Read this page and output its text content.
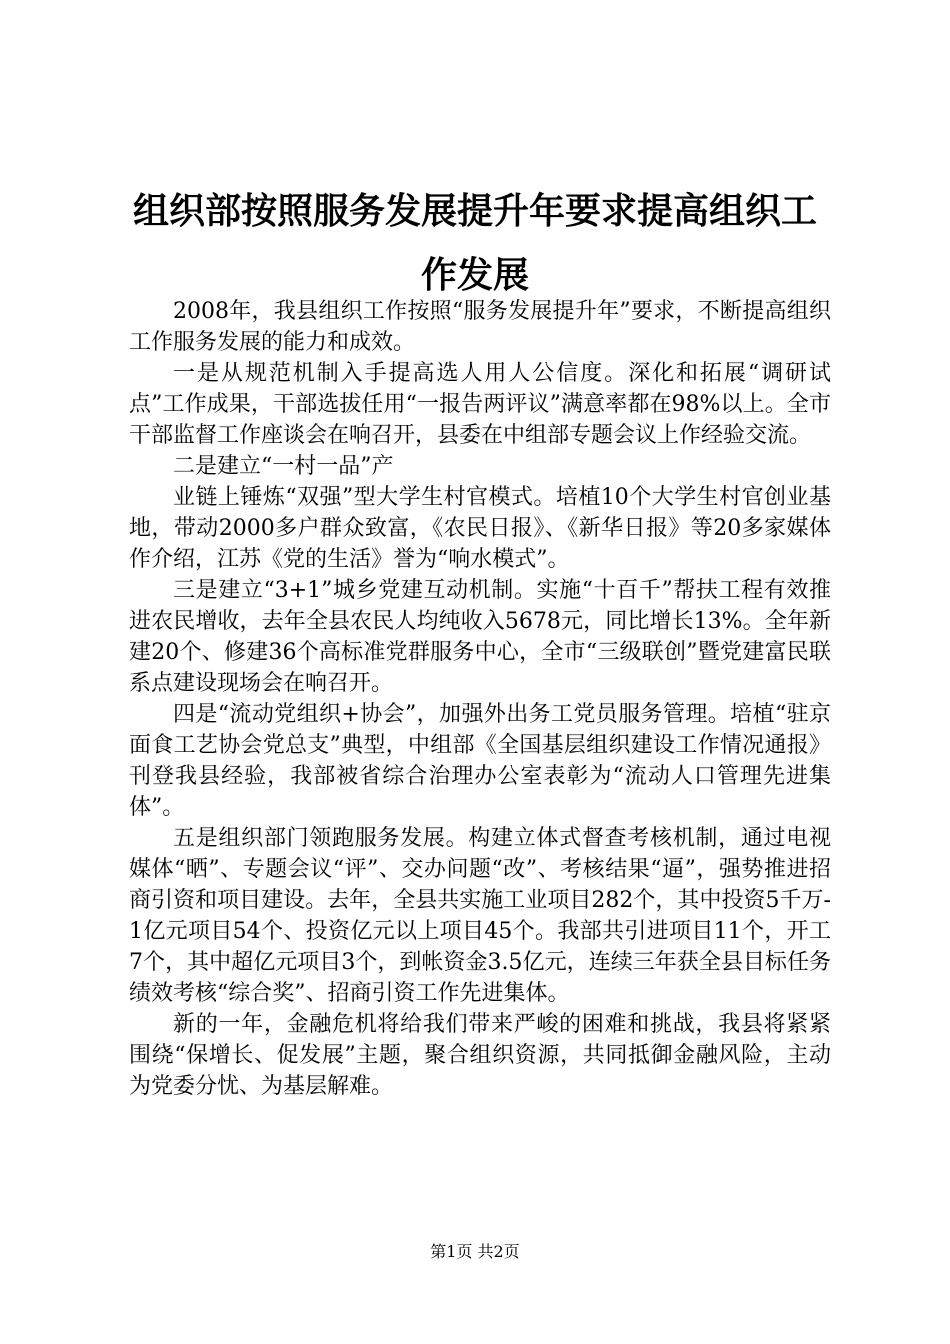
组织部按照服务发展提升年要求提高组织工作发展

2008年，我县组织工作按照“服务发展提升年”要求，不断提高组织工作服务发展的能力和成效。

一是从规范机制入手提高选人用人公信度。深化和拓展“调研试点”工作成果，干部选拔任用“一报告两评议”满意率都在98%以上。全市干部监督工作座谈会在响召开，县委在中组部专题会议上作经验交流。

二是建立“一村一品”产

业链上锤炼“双强”型大学生村官模式。培植10个大学生村官创业基地，带动2000多户群众致富，《农民日报》、《新华日报》等20多家媒体作介绍，江苏《党的生活》誉为“响水模式”。

三是建立“3+1”城乡党建互动机制。实施“十百千”帮扶工程有效推进农民增收，去年全县农民人均纯收入5678元，同比增长13%。全年新建20个、修建36个高标准党群服务中心，全市“三级联创”暨党建富民联系点建设现场会在响召开。

四是“流动党组织+协会”，加强外出务工党员服务管理。培植“驻京面食工艺协会党总支”典型，中组部《全国基层组织建设工作情况通报》刊登我县经验，我部被省综合治理办公室表彰为“流动人口管理先进集体”。

五是组织部门领跑服务发展。构建立体式督查考核机制，通过电视媒体“晒”、专题会议“评”、交办问题“改”、考核结果“逼”，强势推进招商引资和项目建设。去年，全县共实施工业项目282个，其中投资5千万-1亿元项目54个、投资亿元以上项目45个。我部共引进项目11个，开工7个，其中超亿元项目3个，到帐资金3.5亿元，连续三年获全县目标任务绩效考核“综合奖”、招商引资工作先进集体。

新的一年，金融危机将给我们带来严峻的困难和挑战，我县将紧紧围绕“保增长、促发展”主题，聚合组织资源，共同抵御金融风险，主动为党委分忧、为基层解难。

第1页 共2页
